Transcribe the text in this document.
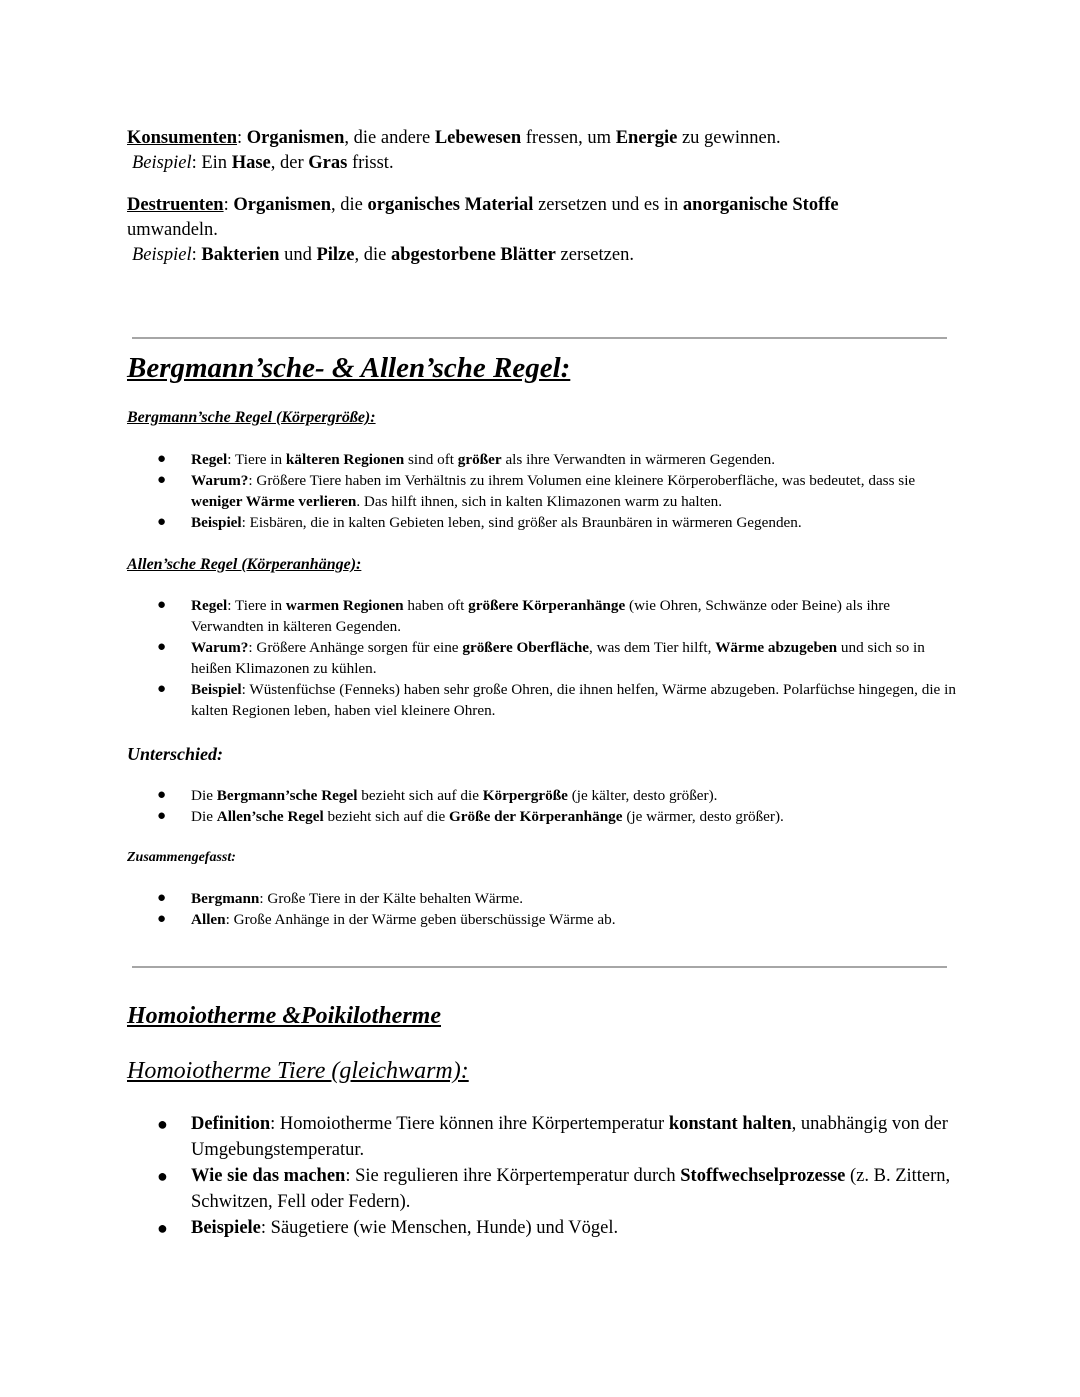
Konsumenten: Organismen, die andere Lebewesen fressen, um Energie zu gewinnen.

Beispiel: Ein Hase, der Gras frisst.

Destruenten: Organismen, die organisches Material zersetzen und es in anorganische Stoffe
umwandeln.

Beispiel: Bakterien und Pilze, die abgestorbene Blätter zersetzen.

Bergmann’sche- & Allen’sche Regel:

Bergmann’sche Regel (Körpergröße):

● Regel: Tiere in kälteren Regionen sind oft größer als ihre Verwandten in wärmeren Gegenden.
● Warum?: Größere Tiere haben im Verhältnis zu ihrem Volumen eine kleinere Körperoberfläche, was bedeutet, dass sie weniger Wärme verlieren. Das hilft ihnen, sich in kalten Klimazonen warm zu halten.
● Beispiel: Eisbären, die in kalten Gebieten leben, sind größer als Braunbären in wärmeren Gegenden.

Allen’sche Regel (Körperanhänge):

● Regel: Tiere in warmen Regionen haben oft größere Körperanhänge (wie Ohren, Schwänze oder Beine) als ihre Verwandten in kälteren Gegenden.
● Warum?: Größere Anhänge sorgen für eine größere Oberfläche, was dem Tier hilft, Wärme abzugeben und sich so in heißen Klimazonen zu kühlen.
● Beispiel: Wüstenfüchse (Fenneks) haben sehr große Ohren, die ihnen helfen, Wärme abzugeben. Polarfüchse hingegen, die in kalten Regionen leben, haben viel kleinere Ohren.

Unterschied:

● Die Bergmann’sche Regel bezieht sich auf die Körpergröße (je kälter, desto größer).
● Die Allen’sche Regel bezieht sich auf die Größe der Körperanhänge (je wärmer, desto größer).

Zusammengefasst:

● Bergmann: Große Tiere in der Kälte behalten Wärme.
● Allen: Große Anhänge in der Wärme geben überschüssige Wärme ab.

Homoiotherme &Poikilotherme

Homoiotherme Tiere (gleichwarm):

● Definition: Homoiotherme Tiere können ihre Körpertemperatur konstant halten, unabhängig von der Umgebungstemperatur.
● Wie sie das machen: Sie regulieren ihre Körpertemperatur durch Stoffwechselprozesse (z. B. Zittern, Schwitzen, Fell oder Federn).
● Beispiele: Säugetiere (wie Menschen, Hunde) und Vögel.
